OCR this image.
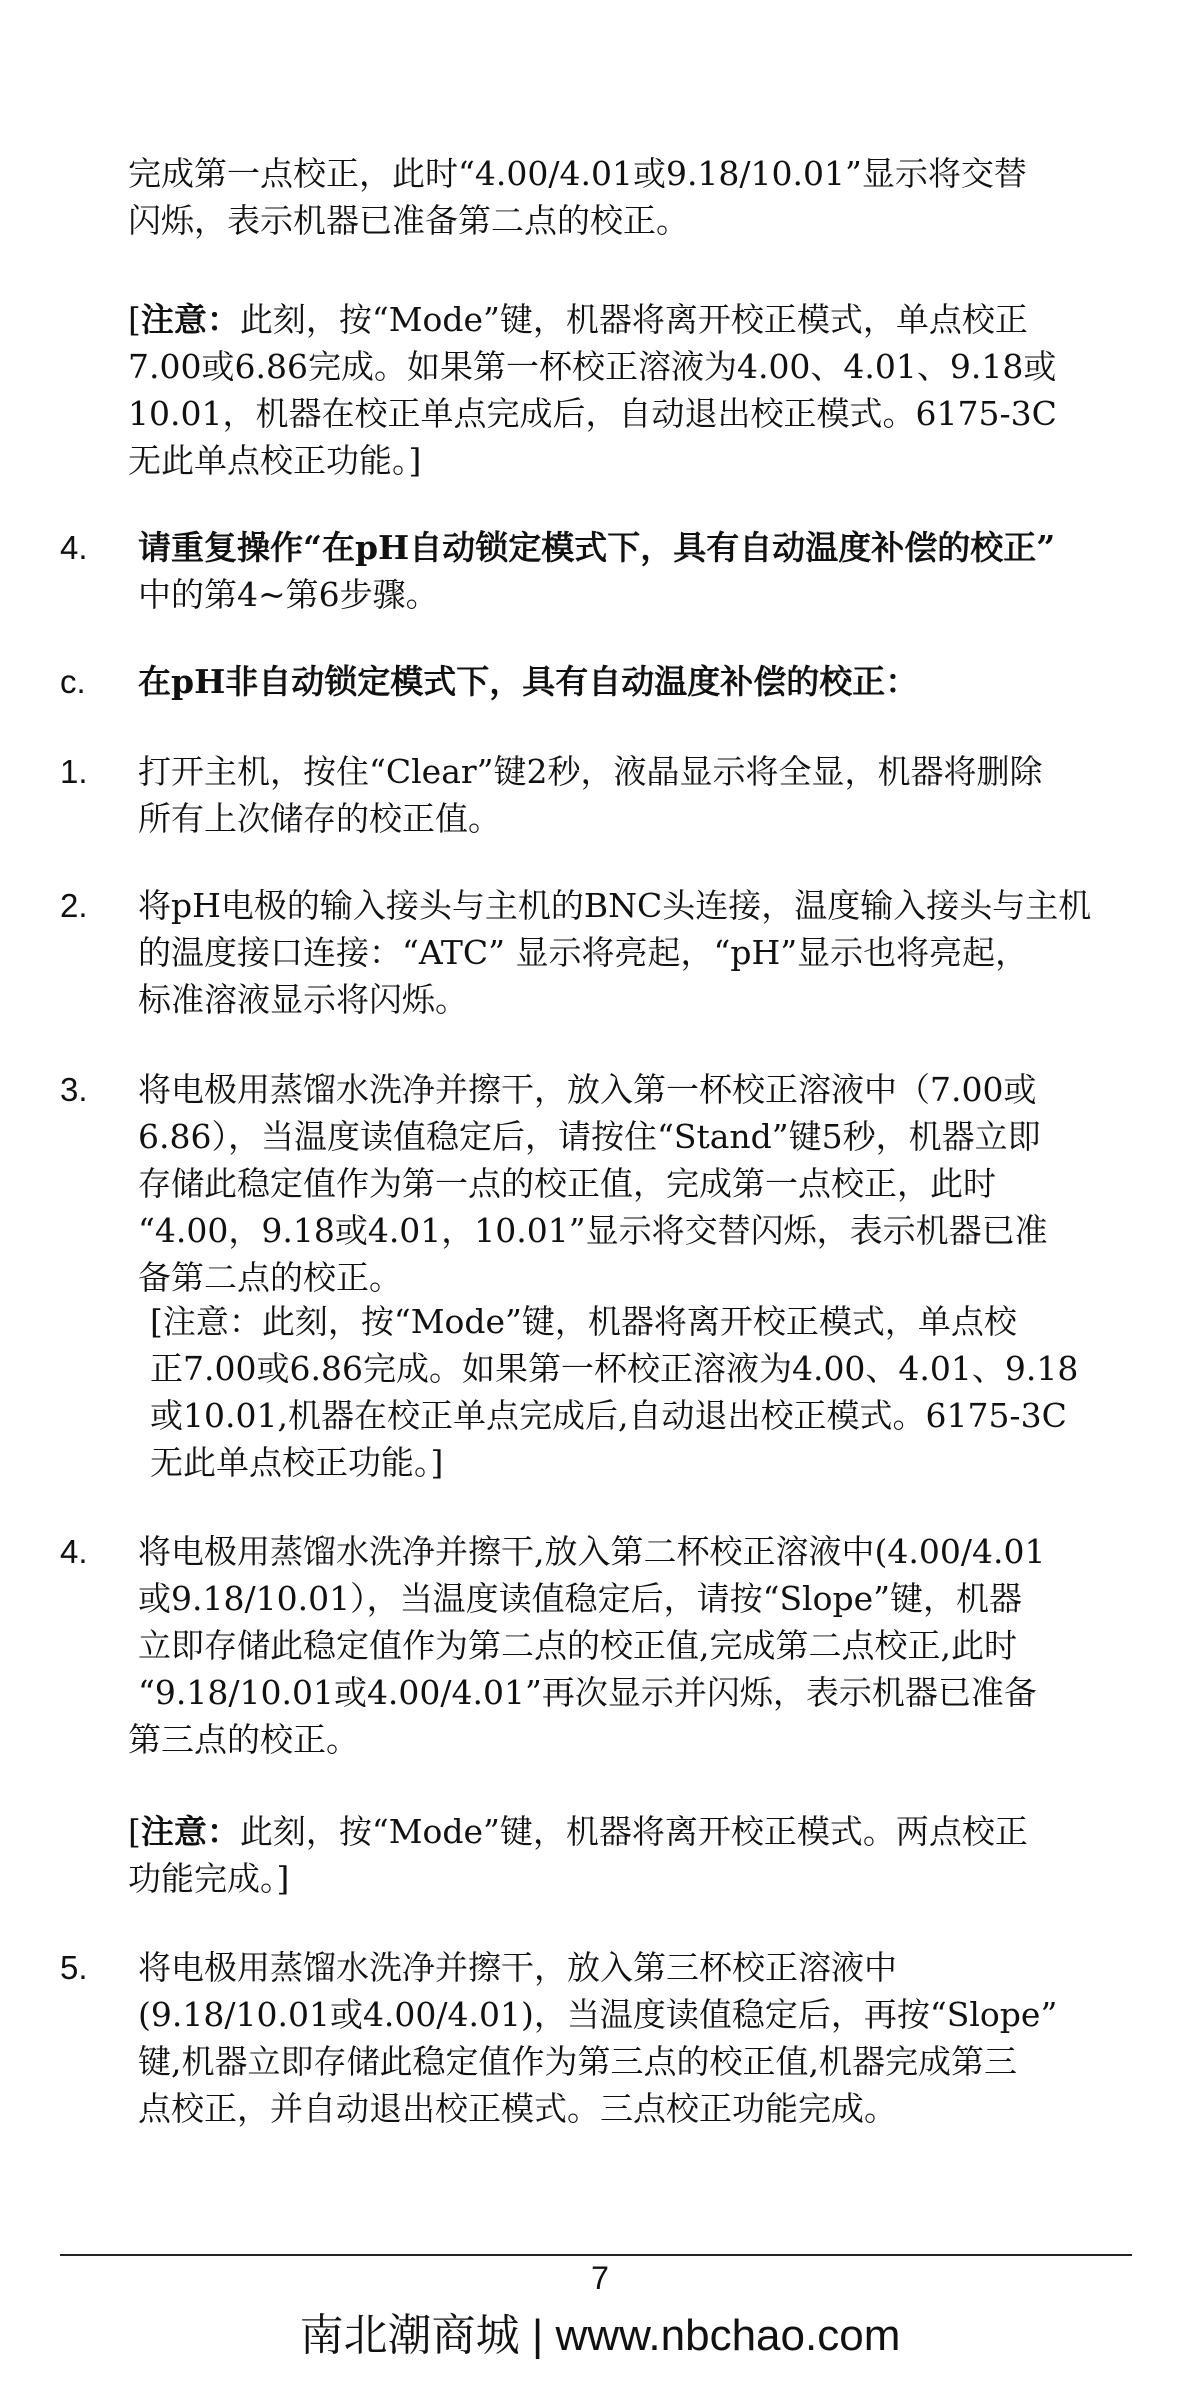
完成第一点校正，此时“4.00/4.01或9.18/10.01”显示将交替
闪烁，表示机器已准备第二点的校正。
[注意：此刻，按“Mode”键，机器将离开校正模式，单点校正
7.00或6.86完成。如果第一杯校正溶液为4.00、4.01、9.18或
10.01，机器在校正单点完成后，自动退出校正模式。6175-3C
无此单点校正功能。]
4. 请重复操作“在pH自动锁定模式下，具有自动温度补偿的校正”
中的第4~第6步骤。
c. 在pH非自动锁定模式下，具有自动温度补偿的校正：
1. 打开主机，按住“Clear”键2秒，液晶显示将全显，机器将删除
所有上次储存的校正值。
2. 将pH电极的输入接头与主机的BNC头连接，温度输入接头与主机
的温度接口连接：“ATC” 显示将亮起，“pH”显示也将亮起，
标准溶液显示将闪烁。
3. 将电极用蒸馏水洗净并擦干，放入第一杯校正溶液中（7.00或
6.86），当温度读值稳定后，请按住“Stand”键5秒，机器立即
存储此稳定值作为第一点的校正值，完成第一点校正，此时
“4.00，9.18或4.01，10.01”显示将交替闪烁，表示机器已准
备第二点的校正。
[注意：此刻，按“Mode”键，机器将离开校正模式，单点校
正7.00或6.86完成。如果第一杯校正溶液为4.00、4.01、9.18
或10.01,机器在校正单点完成后,自动退出校正模式。6175-3C
无此单点校正功能。]
4. 将电极用蒸馏水洗净并擦干,放入第二杯校正溶液中(4.00/4.01
或9.18/10.01），当温度读值稳定后，请按“Slope”键，机器
立即存储此稳定值作为第二点的校正值,完成第二点校正,此时
“9.18/10.01或4.00/4.01”再次显示并闪烁，表示机器已准备
第三点的校正。
[注意：此刻，按“Mode”键，机器将离开校正模式。两点校正
功能完成。]
5. 将电极用蒸馏水洗净并擦干，放入第三杯校正溶液中
(9.18/10.01或4.00/4.01)，当温度读值稳定后，再按“Slope”
键,机器立即存储此稳定值作为第三点的校正值,机器完成第三
点校正，并自动退出校正模式。三点校正功能完成。
7
南北潮商城 | www.nbchao.com
